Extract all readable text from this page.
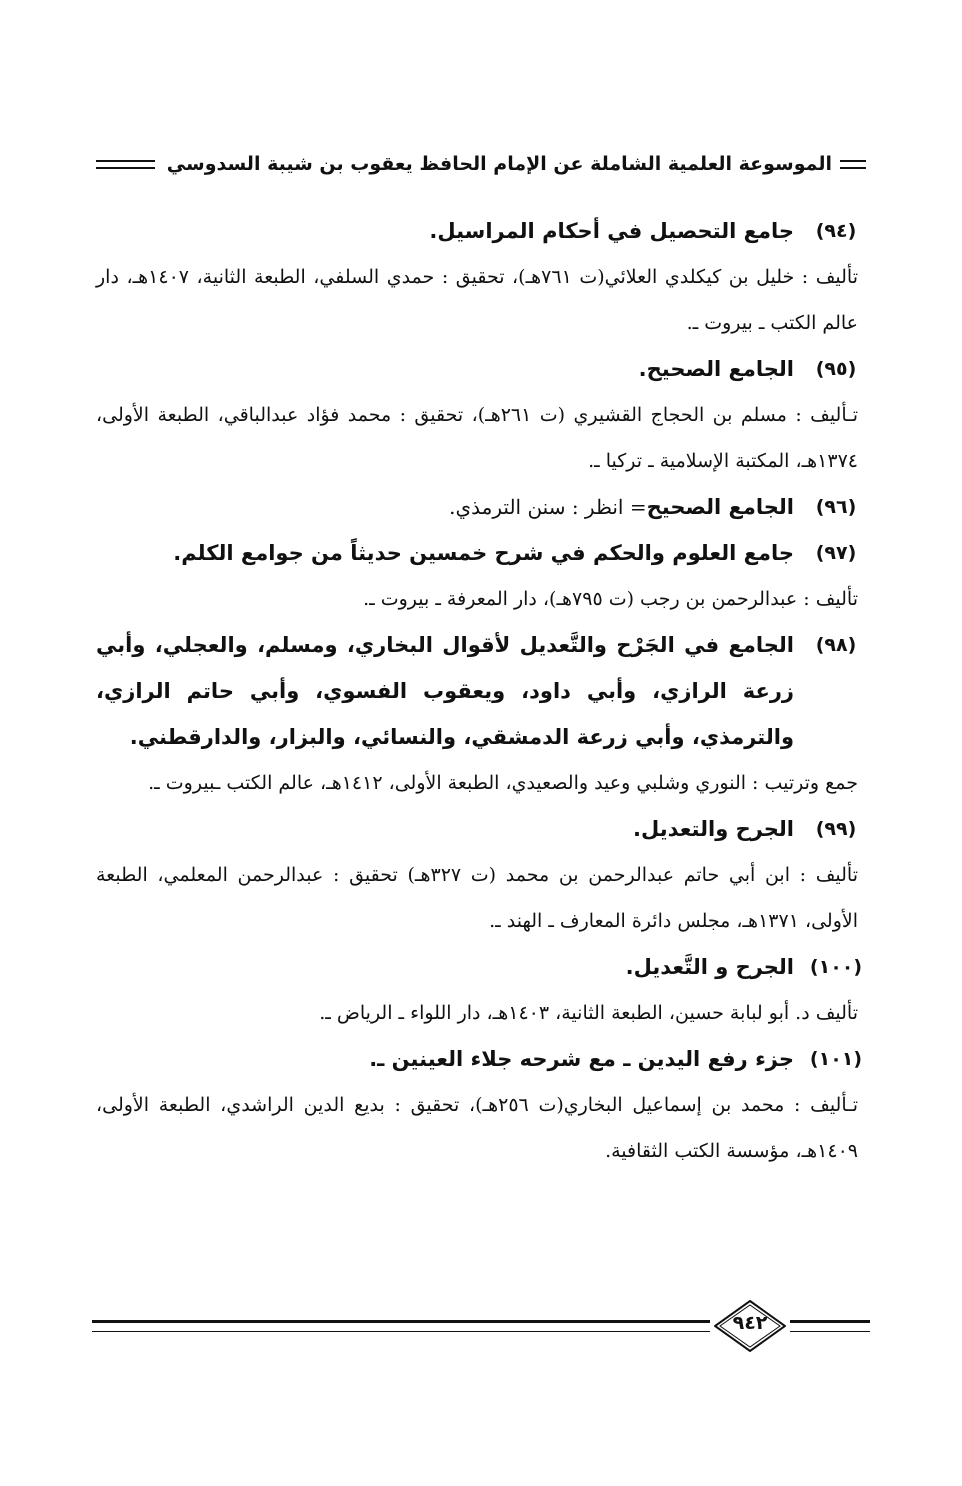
الموسوعة العلمية الشاملة عن الإمام الحافظ يعقوب بن شيبة السدوسي
(٩٤)
جامع التحصيل في أحكام المراسيل.
تأليف : خليل بن كيكلدي العلائي(ت ٧٦١هـ)، تحقيق : حمدي السلفي، الطبعة الثانية، ١٤٠٧هـ، دار عالم الكتب ـ بيروت ـ.
(٩٥)
الجامع الصحيح.
تـأليف : مسلم بن الحجاج القشيري (ت ٢٦١هـ)، تحقيق : محمد فؤاد عبدالباقي، الطبعة الأولى، ١٣٧٤هـ، المكتبة الإسلامية ـ تركيا ـ.
(٩٦)
الجامع الصحيح= انظر : سنن الترمذي.
(٩٧)
جامع العلوم والحكم في شرح خمسين حديثاً من جوامع الكلم.
تأليف : عبدالرحمن بن رجب (ت ٧٩٥هـ)، دار المعرفة ـ بيروت ـ.
(٩٨)
الجامع في الجَرْح والتَّعديل لأقوال البخاري، ومسلم، والعجلي، وأبي زرعة الرازي، وأبي داود، ويعقوب الفسوي، وأبي حاتم الرازي، والترمذي، وأبي زرعة الدمشقي، والنسائي، والبزار، والدارقطني.
جمع وترتيب : النوري وشلبي وعيد والصعيدي، الطبعة الأولى، ١٤١٢هـ، عالم الكتب ـبيروت ـ.
(٩٩)
الجرح والتعديل.
تأليف : ابن أبي حاتم عبدالرحمن بن محمد (ت ٣٢٧هـ) تحقيق : عبدالرحمن المعلمي، الطبعة الأولى، ١٣٧١هـ، مجلس دائرة المعارف ـ الهند ـ.
(١٠٠)
الجرح و التَّعديل.
تأليف د. أبو لبابة حسين، الطبعة الثانية، ١٤٠٣هـ، دار اللواء ـ الرياض ـ.
(١٠١)
جزء رفع اليدين ـ مع شرحه جلاء العينين ـ.
تـأليف : محمد بن إسماعيل البخاري(ت ٢٥٦هـ)، تحقيق : بديع الدين الراشدي، الطبعة الأولى، ١٤٠٩هـ، مؤسسة الكتب الثقافية.
٩٤٢
